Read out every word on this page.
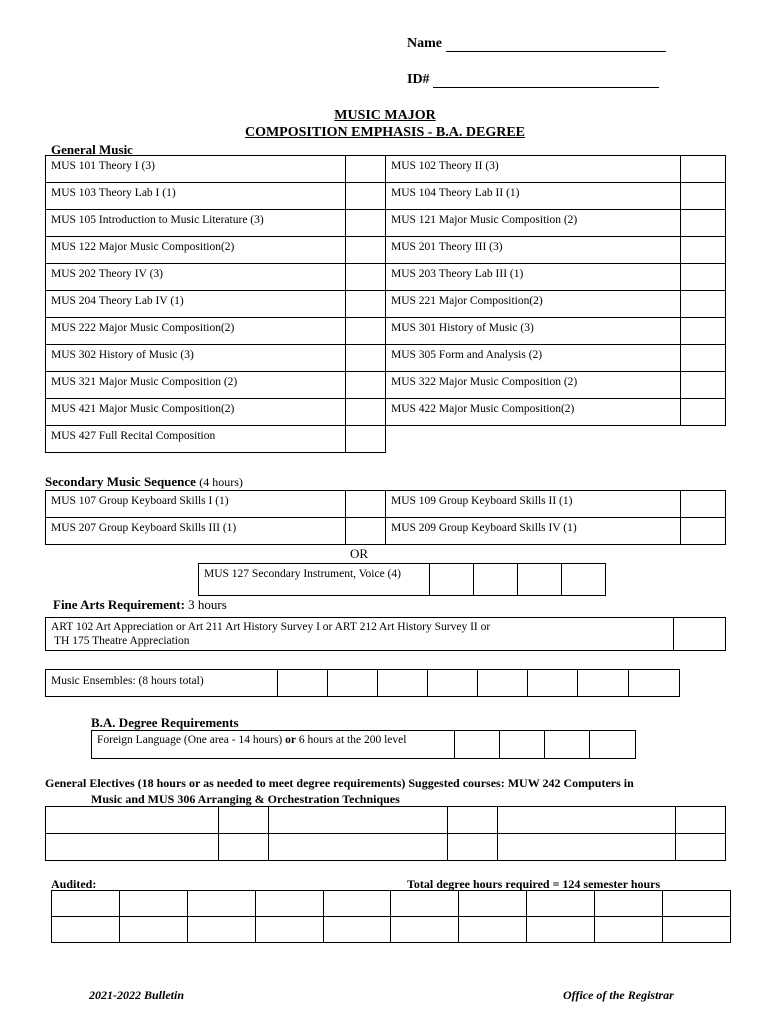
Name
ID#
MUSIC MAJOR
COMPOSITION EMPHASIS - B.A. DEGREE
General Music
MUS 101 Theory I (3)		MUS 102 Theory II (3)	
MUS 103 Theory Lab I (1)		MUS 104 Theory Lab II (1)	
MUS 105 Introduction to Music Literature (3)		MUS 121 Major Music Composition (2)	
MUS 122 Major Music Composition(2)		MUS 201 Theory III (3)	
MUS 202 Theory IV (3)		MUS 203 Theory Lab III (1)	
MUS 204 Theory Lab IV (1)		MUS 221 Major Composition(2)	
MUS 222 Major Music Composition(2)		MUS 301 History of Music (3)	
MUS 302 History of Music (3)		MUS 305 Form and Analysis (2)	
MUS 321 Major Music Composition (2)		MUS 322 Major Music Composition (2)	
MUS 421 Major Music Composition(2)		MUS 422 Major Music Composition(2)	
MUS 427 Full Recital Composition			
Secondary Music Sequence (4 hours)
MUS 107 Group Keyboard Skills I (1)		MUS 109 Group Keyboard Skills II (1)	
MUS 207 Group Keyboard Skills III (1)		MUS 209 Group Keyboard Skills IV (1)	
OR
MUS 127 Secondary Instrument, Voice (4)				
Fine Arts Requirement: 3 hours
ART 102 Art Appreciation or Art 211 Art History Survey I or ART 212 Art History Survey II or
TH 175 Theatre Appreciation

Music Ensembles: (8 hours total)								
B.A. Degree Requirements
Foreign Language (One area - 14 hours) or 6 hours at the 200 level				
General Electives (18 hours or as needed to meet degree requirements) Suggested courses: MUW 242 Computers in
Music and MUS 306 Arranging & Orchestration Techniques

Audited:	Total degree hours required = 124 semester hours

2021-2022 Bulletin	Office of the Registrar
